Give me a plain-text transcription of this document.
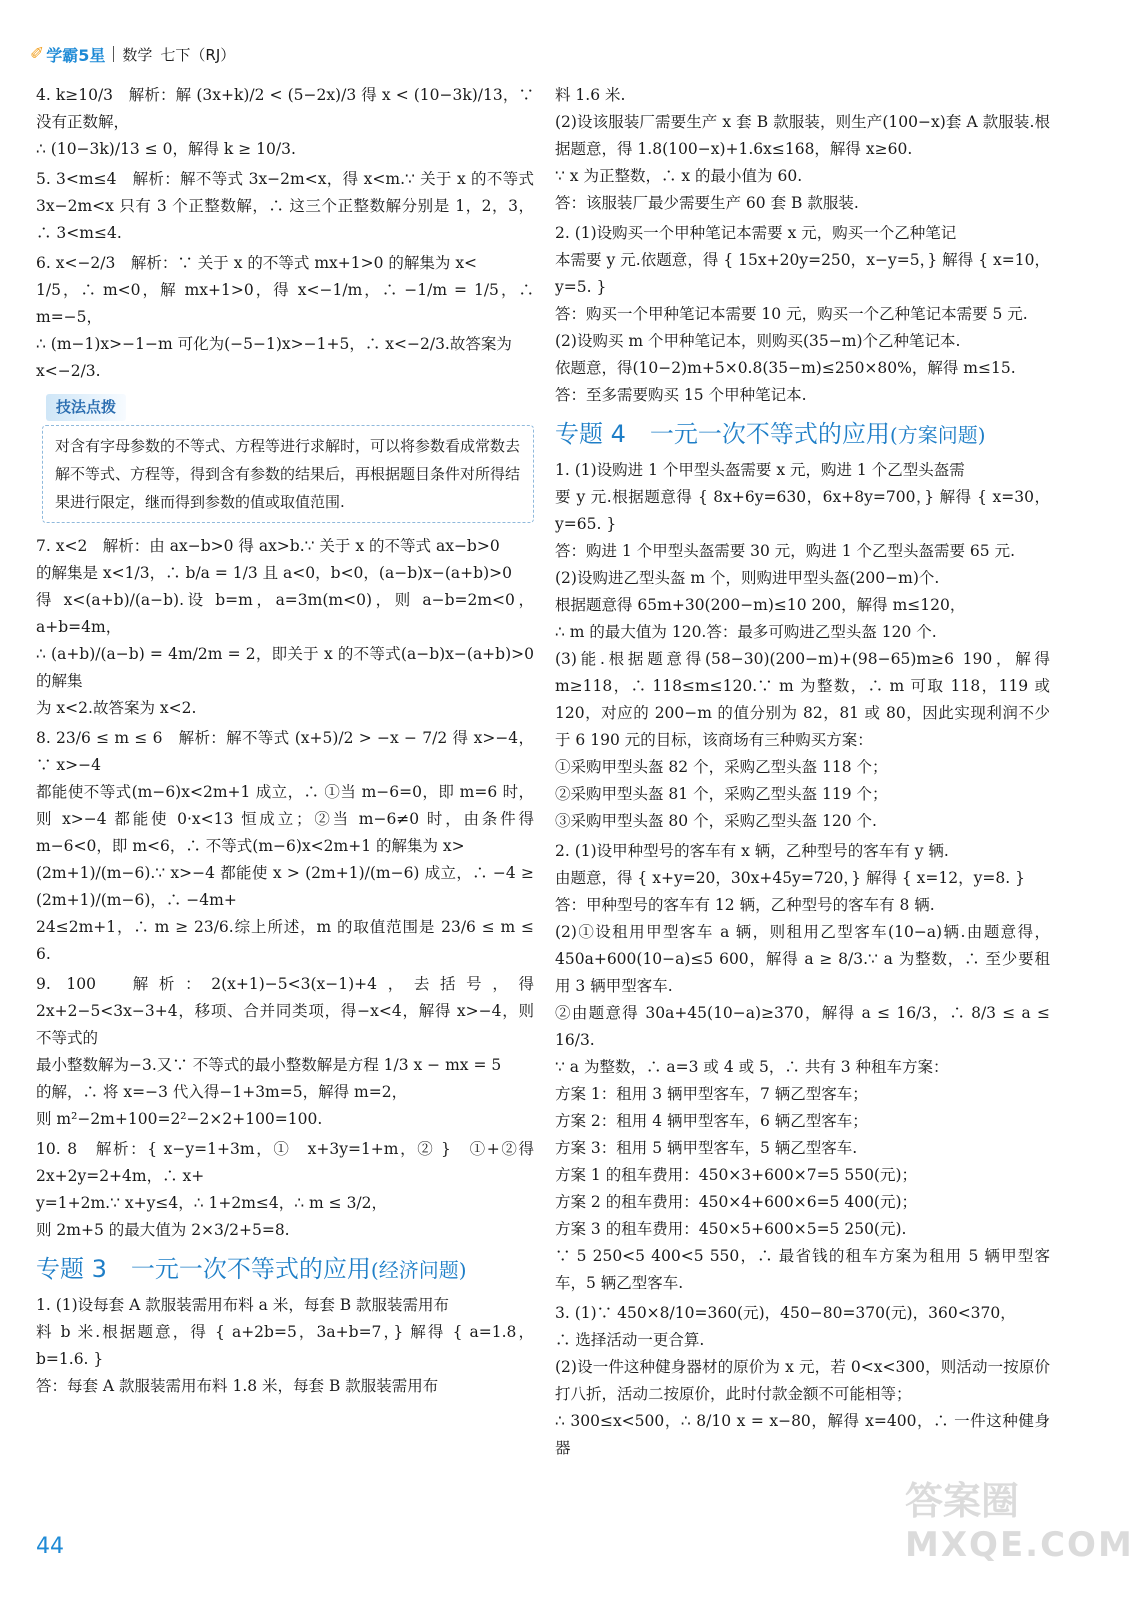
✐ 学霸5星 数学 七下（RJ）

4. k≥10/3　解析：解 (3x+k)/2 < (5−2x)/3 得 x < (10−3k)/13，∵ 没有正数解，

∴ (10−3k)/13 ≤ 0，解得 k ≥ 10/3.

5. 3<m≤4　解析：解不等式 3x−2m<x，得 x<m.∵ 关于 x 的不等式 3x−2m<x 只有 3 个正整数解，∴ 这三个正整数解分别是 1，2，3，∴ 3<m≤4.

6. x<−2/3　解析：∵ 关于 x 的不等式 mx+1>0 的解集为 x<

1/5，∴ m<0，解 mx+1>0，得 x<−1/m，∴ −1/m = 1/5，∴ m=−5，

∴ (m−1)x>−1−m 可化为(−5−1)x>−1+5，∴ x<−2/3.故答案为

x<−2/3.

技法点拨
对含有字母参数的不等式、方程等进行求解时，可以将参数看成常数去解不等式、方程等，得到含有参数的结果后，再根据题目条件对所得结果进行限定，继而得到参数的值或取值范围.

7. x<2　解析：由 ax−b>0 得 ax>b.∵ 关于 x 的不等式 ax−b>0

的解集是 x<1/3，∴ b/a = 1/3 且 a<0，b<0，(a−b)x−(a+b)>0

得 x<(a+b)/(a−b).设 b=m，a=3m(m<0)，则 a−b=2m<0，a+b=4m，

∴ (a+b)/(a−b) = 4m/2m = 2，即关于 x 的不等式(a−b)x−(a+b)>0 的解集

为 x<2.故答案为 x<2.

8. 23/6 ≤ m ≤ 6　解析：解不等式 (x+5)/2 > −x − 7/2 得 x>−4，∵ x>−4

都能使不等式(m−6)x<2m+1 成立，∴ ①当 m−6=0，即 m=6 时，则 x>−4 都能使 0·x<13 恒成立；②当 m−6≠0 时，由条件得 m−6<0，即 m<6，∴ 不等式(m−6)x<2m+1 的解集为 x>

(2m+1)/(m−6).∵ x>−4 都能使 x > (2m+1)/(m−6) 成立，∴ −4 ≥ (2m+1)/(m−6)，∴ −4m+

24≤2m+1，∴ m ≥ 23/6.综上所述，m 的取值范围是 23/6 ≤ m ≤ 6.

9. 100　解析：2(x+1)−5<3(x−1)+4，去括号，得 2x+2−5<3x−3+4，移项、合并同类项，得−x<4，解得 x>−4，则不等式的

最小整数解为−3.又∵ 不等式的最小整数解是方程 1/3 x − mx = 5

的解，∴ 将 x=−3 代入得−1+3m=5，解得 m=2，

则 m²−2m+100=2²−2×2+100=100.

10. 8　解析：{ x−y=1+3m，①　x+3y=1+m，② }　①+②得 2x+2y=2+4m，∴ x+

y=1+2m.∵ x+y≤4，∴ 1+2m≤4，∴ m ≤ 3/2，

则 2m+5 的最大值为 2×3/2+5=8.

专题 3　一元一次不等式的应用(经济问题)

1. (1)设每套 A 款服装需用布料 a 米，每套 B 款服装需用布

料 b 米.根据题意，得 { a+2b=5，3a+b=7，} 解得 { a=1.8，b=1.6. }

答：每套 A 款服装需用布料 1.8 米，每套 B 款服装需用布

料 1.6 米.

(2)设该服装厂需要生产 x 套 B 款服装，则生产(100−x)套 A 款服装.根据题意，得 1.8(100−x)+1.6x≤168，解得 x≥60.

∵ x 为正整数，∴ x 的最小值为 60.

答：该服装厂最少需要生产 60 套 B 款服装.

2. (1)设购买一个甲种笔记本需要 x 元，购买一个乙种笔记

本需要 y 元.依题意，得 { 15x+20y=250，x−y=5，} 解得 { x=10，y=5. }

答：购买一个甲种笔记本需要 10 元，购买一个乙种笔记本需要 5 元.

(2)设购买 m 个甲种笔记本，则购买(35−m)个乙种笔记本.

依题意，得(10−2)m+5×0.8(35−m)≤250×80%，解得 m≤15.

答：至多需要购买 15 个甲种笔记本.

专题 4　一元一次不等式的应用(方案问题)

1. (1)设购进 1 个甲型头盔需要 x 元，购进 1 个乙型头盔需

要 y 元.根据题意得 { 8x+6y=630，6x+8y=700，} 解得 { x=30，y=65. }

答：购进 1 个甲型头盔需要 30 元，购进 1 个乙型头盔需要 65 元.

(2)设购进乙型头盔 m 个，则购进甲型头盔(200−m)个.

根据题意得 65m+30(200−m)≤10 200，解得 m≤120，

∴ m 的最大值为 120.答：最多可购进乙型头盔 120 个.

(3)能.根据题意得(58−30)(200−m)+(98−65)m≥6 190，解得 m≥118，∴ 118≤m≤120.∵ m 为整数，∴ m 可取 118，119 或 120，对应的 200−m 的值分别为 82，81 或 80，因此实现利润不少于 6 190 元的目标，该商场有三种购买方案：

①采购甲型头盔 82 个，采购乙型头盔 118 个；

②采购甲型头盔 81 个，采购乙型头盔 119 个；

③采购甲型头盔 80 个，采购乙型头盔 120 个.

2. (1)设甲种型号的客车有 x 辆，乙种型号的客车有 y 辆.

由题意，得 { x+y=20，30x+45y=720，} 解得 { x=12，y=8. }

答：甲种型号的客车有 12 辆，乙种型号的客车有 8 辆.

(2)①设租用甲型客车 a 辆，则租用乙型客车(10−a)辆.由题意得，450a+600(10−a)≤5 600，解得 a ≥ 8/3.∵ a 为整数，∴ 至少要租用 3 辆甲型客车.

②由题意得 30a+45(10−a)≥370，解得 a ≤ 16/3，∴ 8/3 ≤ a ≤ 16/3.

∵ a 为整数，∴ a=3 或 4 或 5，∴ 共有 3 种租车方案：

方案 1：租用 3 辆甲型客车，7 辆乙型客车；

方案 2：租用 4 辆甲型客车，6 辆乙型客车；

方案 3：租用 5 辆甲型客车，5 辆乙型客车.

方案 1 的租车费用：450×3+600×7=5 550(元)；

方案 2 的租车费用：450×4+600×6=5 400(元)；

方案 3 的租车费用：450×5+600×5=5 250(元).

∵ 5 250<5 400<5 550，∴ 最省钱的租车方案为租用 5 辆甲型客车，5 辆乙型客车.

3. (1)∵ 450×8/10=360(元)，450−80=370(元)，360<370，

∴ 选择活动一更合算.

(2)设一件这种健身器材的原价为 x 元，若 0<x<300，则活动一按原价打八折，活动二按原价，此时付款金额不可能相等；

∴ 300≤x<500，∴ 8/10 x = x−80，解得 x=400，∴ 一件这种健身器

44
答案圈
MXQE.COM
